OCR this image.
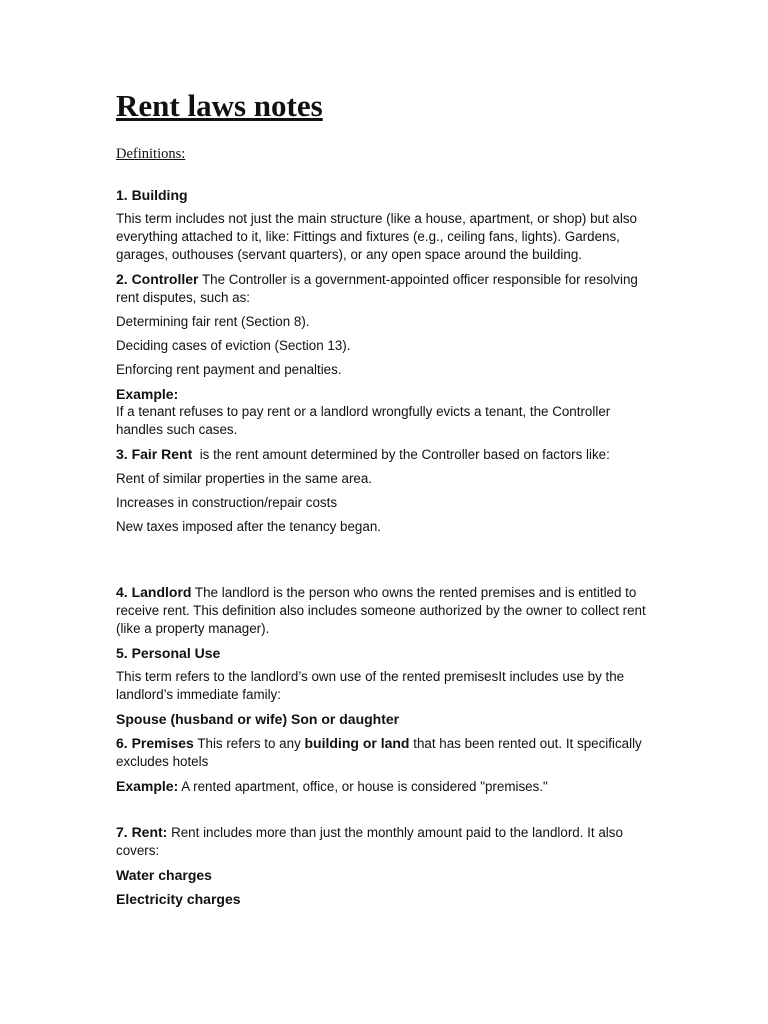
Rent laws notes

Definitions:

1. Building

This term includes not just the main structure (like a house, apartment, or shop) but also everything attached to it, like: Fittings and fixtures (e.g., ceiling fans, lights). Gardens, garages, outhouses (servant quarters), or any open space around the building.

2. Controller The Controller is a government-appointed officer responsible for resolving rent disputes, such as:

Determining fair rent (Section 8).

Deciding cases of eviction (Section 13).

Enforcing rent payment and penalties.

Example:

If a tenant refuses to pay rent or a landlord wrongfully evicts a tenant, the Controller handles such cases.

3. Fair Rent  is the rent amount determined by the Controller based on factors like:

Rent of similar properties in the same area.

Increases in construction/repair costs

New taxes imposed after the tenancy began.

4. Landlord The landlord is the person who owns the rented premises and is entitled to receive rent. This definition also includes someone authorized by the owner to collect rent (like a property manager).

5. Personal Use

This term refers to the landlord’s own use of the rented premisesIt includes use by the landlord’s immediate family:

Spouse (husband or wife) Son or daughter

6. Premises This refers to any building or land that has been rented out. It specifically excludes hotels

Example: A rented apartment, office, or house is considered "premises."

7. Rent: Rent includes more than just the monthly amount paid to the landlord. It also covers:

Water charges

Electricity charges
